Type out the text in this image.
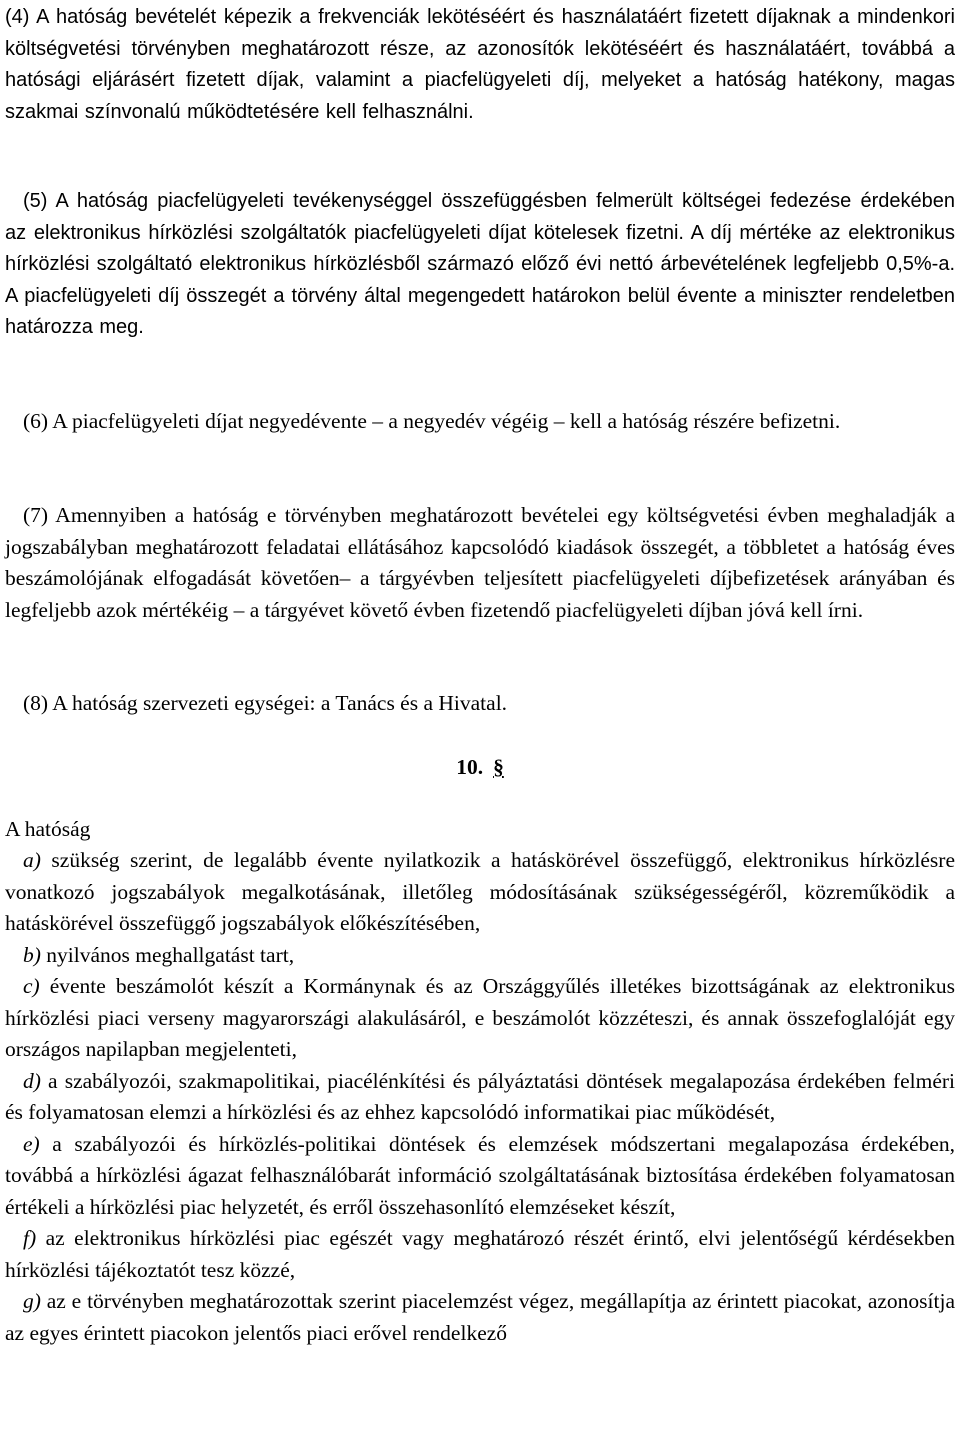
(4) A hatóság bevételét képezik a frekvenciák lekötéséért és használatáért fizetett díjaknak a mindenkori költségvetési törvényben meghatározott része, az azonosítók lekötéséért és használatáért, továbbá a hatósági eljárásért fizetett díjak, valamint a piacfelügyeleti díj, melyeket a hatóság hatékony, magas szakmai színvonalú működtetésére kell felhasználni.

(5) A hatóság piacfelügyeleti tevékenységgel összefüggésben felmerült költségei fedezése érdekében az elektronikus hírközlési szolgáltatók piacfelügyeleti díjat kötelesek fizetni. A díj mértéke az elektronikus hírközlési szolgáltató elektronikus hírközlésből származó előző évi nettó árbevételének legfeljebb 0,5%-a. A piacfelügyeleti díj összegét a törvény által megengedett határokon belül évente a miniszter rendeletben határozza meg.

(6) A piacfelügyeleti díjat negyedévente – a negyedév végéig – kell a hatóság részére befizetni.

(7) Amennyiben a hatóság e törvényben meghatározott bevételei egy költségvetési évben meghaladják a jogszabályban meghatározott feladatai ellátásához kapcsolódó kiadások összegét, a többletet a hatóság éves beszámolójának elfogadását követően– a tárgyévben teljesített piacfelügyeleti díjbefizetések arányában és legfeljebb azok mértékéig – a tárgyévet követő évben fizetendő piacfelügyeleti díjban jóvá kell írni.

(8) A hatóság szervezeti egységei: a Tanács és a Hivatal.

10. §

A hatóság

a) szükség szerint, de legalább évente nyilatkozik a hatáskörével összefüggő, elektronikus hírközlésre vonatkozó jogszabályok megalkotásának, illetőleg módosításának szükségességéről, közreműködik a hatáskörével összefüggő jogszabályok előkészítésében,
b) nyilvános meghallgatást tart,
c) évente beszámolót készít a Kormánynak és az Országgyűlés illetékes bizottságának az elektronikus hírközlési piaci verseny magyarországi alakulásáról, e beszámolót közzéteszi, és annak összefoglalóját egy országos napilapban megjelenteti,
d) a szabályozói, szakmapolitikai, piacélénkítési és pályáztatási döntések megalapozása érdekében felméri és folyamatosan elemzi a hírközlési és az ehhez kapcsolódó informatikai piac működését,
e) a szabályozói és hírközlés-politikai döntések és elemzések módszertani megalapozása érdekében, továbbá a hírközlési ágazat felhasználóbarát információ szolgáltatásának biztosítása érdekében folyamatosan értékeli a hírközlési piac helyzetét, és erről összehasonlító elemzéseket készít,
f) az elektronikus hírközlési piac egészét vagy meghatározó részét érintő, elvi jelentőségű kérdésekben hírközlési tájékoztatót tesz közzé,
g) az e törvényben meghatározottak szerint piacelemzést végez, megállapítja az érintett piacokat, azonosítja az egyes érintett piacokon jelentős piaci erővel rendelkező
